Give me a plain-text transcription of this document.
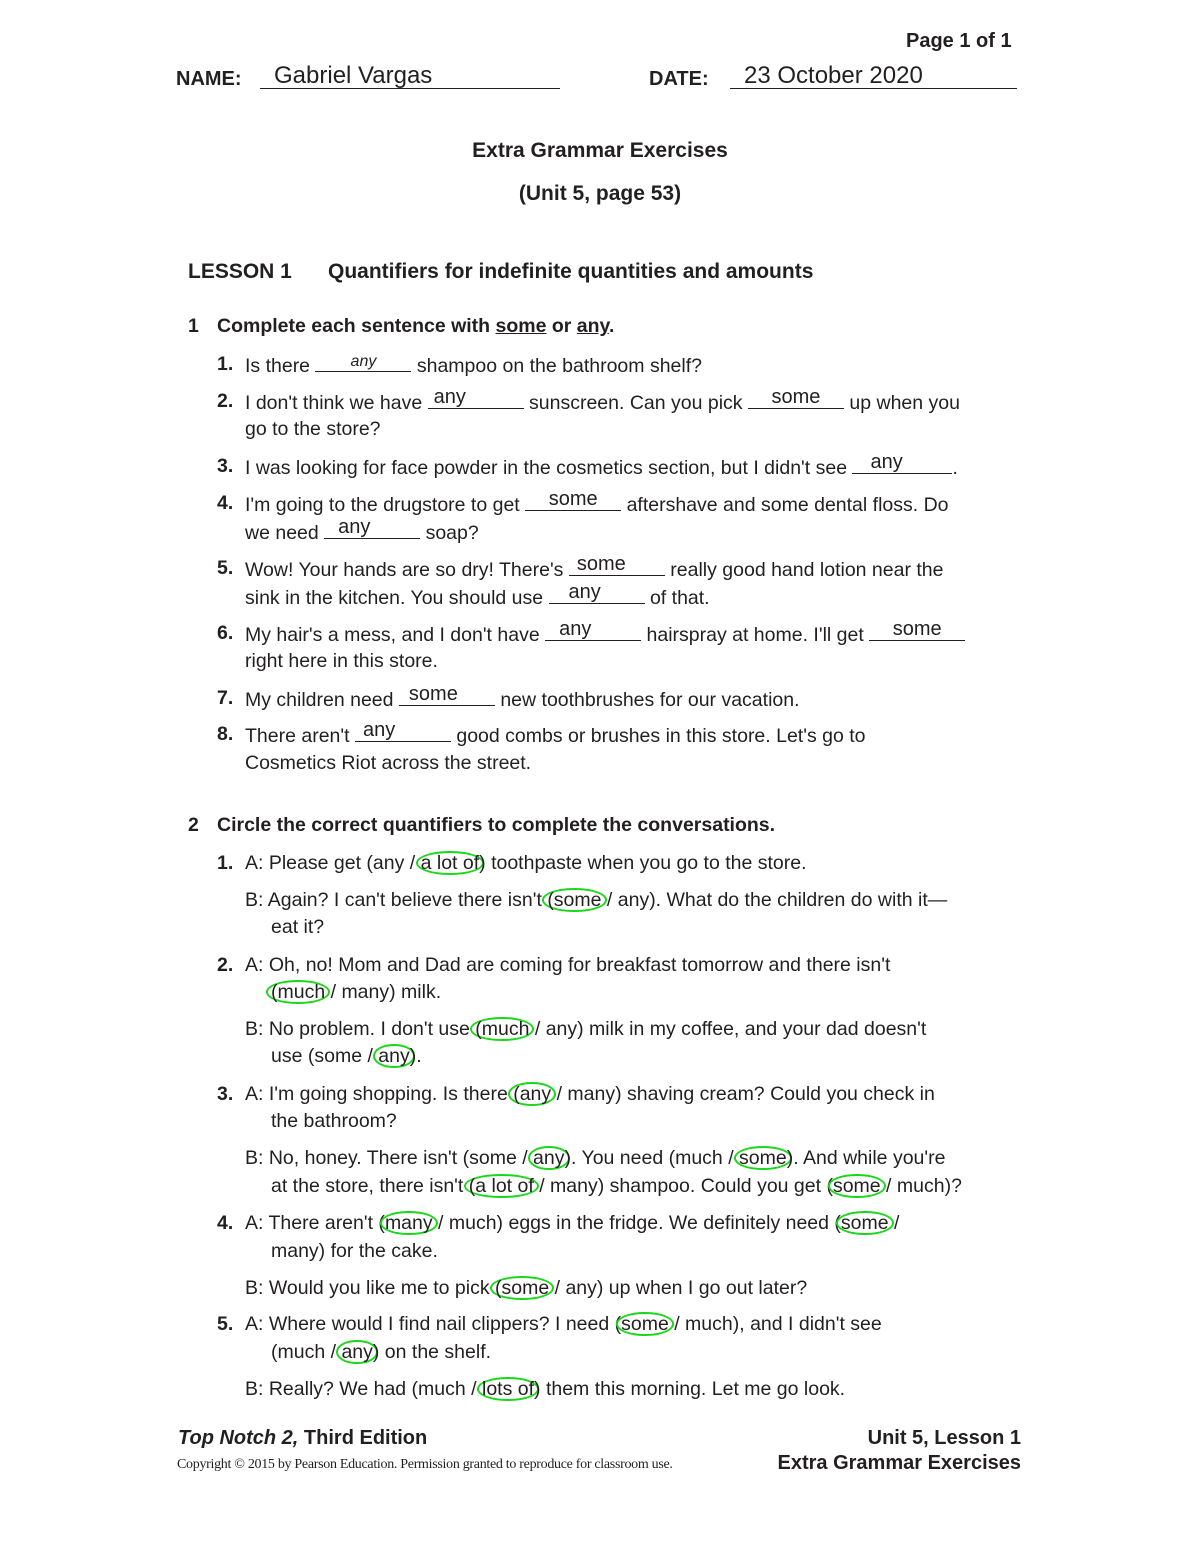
Page 1 of 1
NAME: Gabriel Vargas	DATE: 23 October 2020
Extra Grammar Exercises
(Unit 5, page 53)
LESSON 1 Quantifiers for indefinite quantities and amounts
1 Complete each sentence with some or any.
1. Is there	any	shampoo on the bathroom shelf?
2. I don't think we have any	sunscreen. Can you pick	some	up when you
go to the store?
3. I was looking for face powder in the cosmetics section, but I didn't see any	.
4. I'm going to the drugstore to get	some	aftershave and some dental floss. Do
we need any	soap?
5. Wow! Your hands are so dry! There's some	really good hand lotion near the
sink in the kitchen. You should use	any	of that.
6. My hair's a mess, and I don't have any	hairspray at home. I'll get	some
right here in this store.
7. My children need some	new toothbrushes for our vacation.
8. There aren't any	good combs or brushes in this store. Let's go to
Cosmetics Riot across the street.
2 Circle the correct quantifiers to complete the conversations.
1. A: Please get (any / a lot of) toothpaste when you go to the store.
B: Again? I can't believe there isn't (some / any). What do the children do with it—
eat it?
2. A: Oh, no! Mom and Dad are coming for breakfast tomorrow and there isn't
(much / many) milk.
B: No problem. I don't use (much / any) milk in my coffee, and your dad doesn't
use (some / any).
3. A: I'm going shopping. Is there (any / many) shaving cream? Could you check in
the bathroom?
B: No, honey. There isn't (some / any). You need (much / some). And while you're
at the store, there isn't (a lot of / many) shampoo. Could you get (some / much)?
4. A: There aren't (many / much) eggs in the fridge. We definitely need (some /
many) for the cake.
B: Would you like me to pick (some / any) up when I go out later?
5. A: Where would I find nail clippers? I need (some / much), and I didn't see
(much / any) on the shelf.
B: Really? We had (much / lots of) them this morning. Let me go look.
Top Notch 2, Third Edition	Unit 5, Lesson 1
Copyright © 2015 by Pearson Education. Permission granted to reproduce for classroom use.	Extra Grammar Exercises
